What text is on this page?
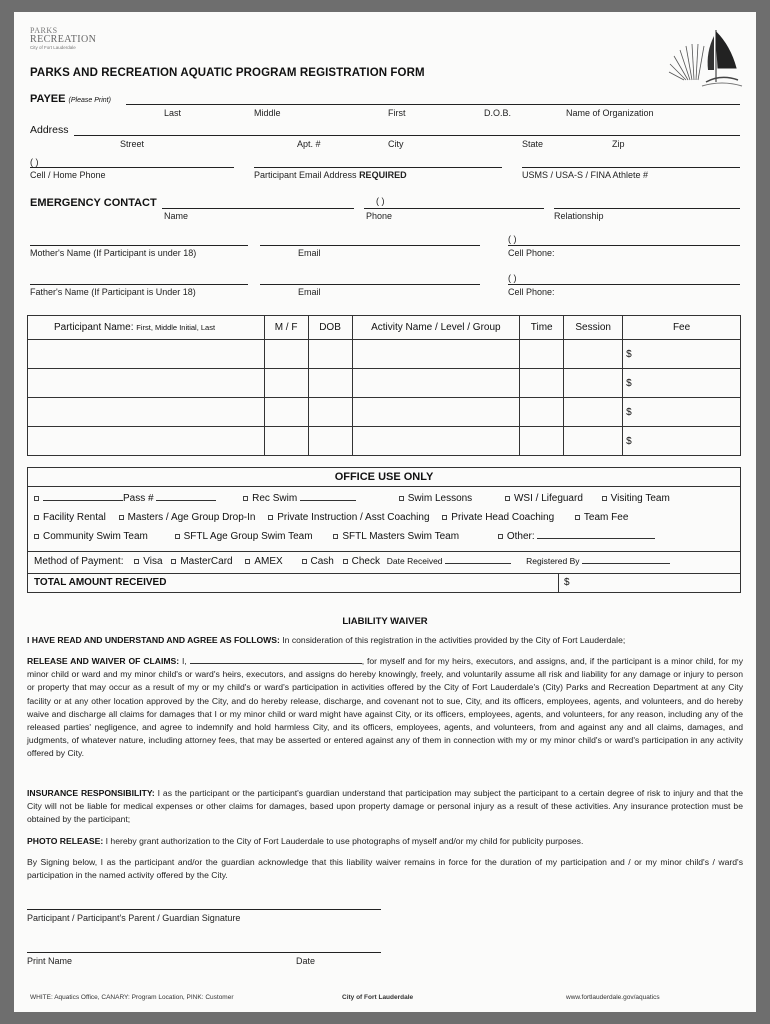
PARKS
RECREATION
City of Fort Lauderdale
PARKS AND RECREATION AQUATIC PROGRAM REGISTRATION FORM
PAYEE (Please Print)
Last	Middle	First	D.O.B.	Name of Organization
Address
Street	Apt. #	City	State	Zip
( )
Cell / Home Phone	Participant Email Address REQUIRED	USMS / USA-S / FINA Athlete #
EMERGENCY CONTACT	( )
Name	Phone	Relationship
( )
Mother's Name (If Participant is under 18)	Email	Cell Phone:
( )
Father's Name (If Participant is Under 18)	Email	Cell Phone:
Participant Name: First, Middle Initial, Last	M / F	DOB	Activity Name / Level / Group	Time	Session	Fee
						$
						$
						$
						$
OFFICE USE ONLY
Pass #	Rec Swim	Swim Lessons	WSI / Lifeguard	Visiting Team
Facility Rental Masters / Age Group Drop-In Private Instruction / Asst Coaching Private Head Coaching	Team Fee
Community Swim Team	SFTL Age Group Swim Team	SFTL Masters Swim Team	Other:
Method of Payment: Visa MasterCard AMEX	Cash Check Date Received	Registered By
TOTAL AMOUNT RECEIVED	$
LIABILITY WAIVER
I HAVE READ AND UNDERSTAND AND AGREE AS FOLLOWS: In consideration of this registration in the activities provided by the City of Fort Lauderdale;
RELEASE AND WAIVER OF CLAIMS: I,	, for myself and for my heirs, executors, and assigns, and, if the participant is a minor child, for my minor child or ward and my minor child's or ward's heirs, executors, and assigns do hereby knowingly, freely, and voluntarily assume all risk and liability for any damage or injury to person or property that may occur as a result of my or my child's or ward's participation in activities offered by the City of Fort Lauderdale's (City) Parks and Recreation Department at any City facility or at any other location approved by the City, and do hereby release, discharge, and covenant not to sue, City, and its officers, employees, agents, and volunteers, and do hereby waive and discharge all claims for damages that I or my minor child or ward might have against City, or its officers, employees, agents, and volunteers, for any reason, including any of the released parties' negligence, and agree to indemnify and hold harmless City, and its officers, employees, agents, and volunteers, from and against any and all claims, damages, and judgments, of whatever nature, including attorney fees, that may be asserted or entered against any of them in connection with my or my minor child's or ward's participation in any activity offered by City.
INSURANCE RESPONSIBILITY: I as the participant or the participant's guardian understand that participation may subject the participant to a certain degree of risk to injury and that the City will not be liable for medical expenses or other claims for damages, based upon property damage or personal injury as a result of these activities. Any insurance protection must be obtained by the participant;
PHOTO RELEASE: I hereby grant authorization to the City of Fort Lauderdale to use photographs of myself and/or my child for publicity purposes.
By Signing below, I as the participant and/or the guardian acknowledge that this liability waiver remains in force for the duration of my participation and / or my minor child's / ward's participation in the named activity offered by the City.
Participant / Participant's Parent / Guardian Signature
Print Name	Date
WHITE: Aquatics Office, CANARY: Program Location, PINK: Customer	City of Fort Lauderdale	www.fortlauderdale.gov/aquatics
